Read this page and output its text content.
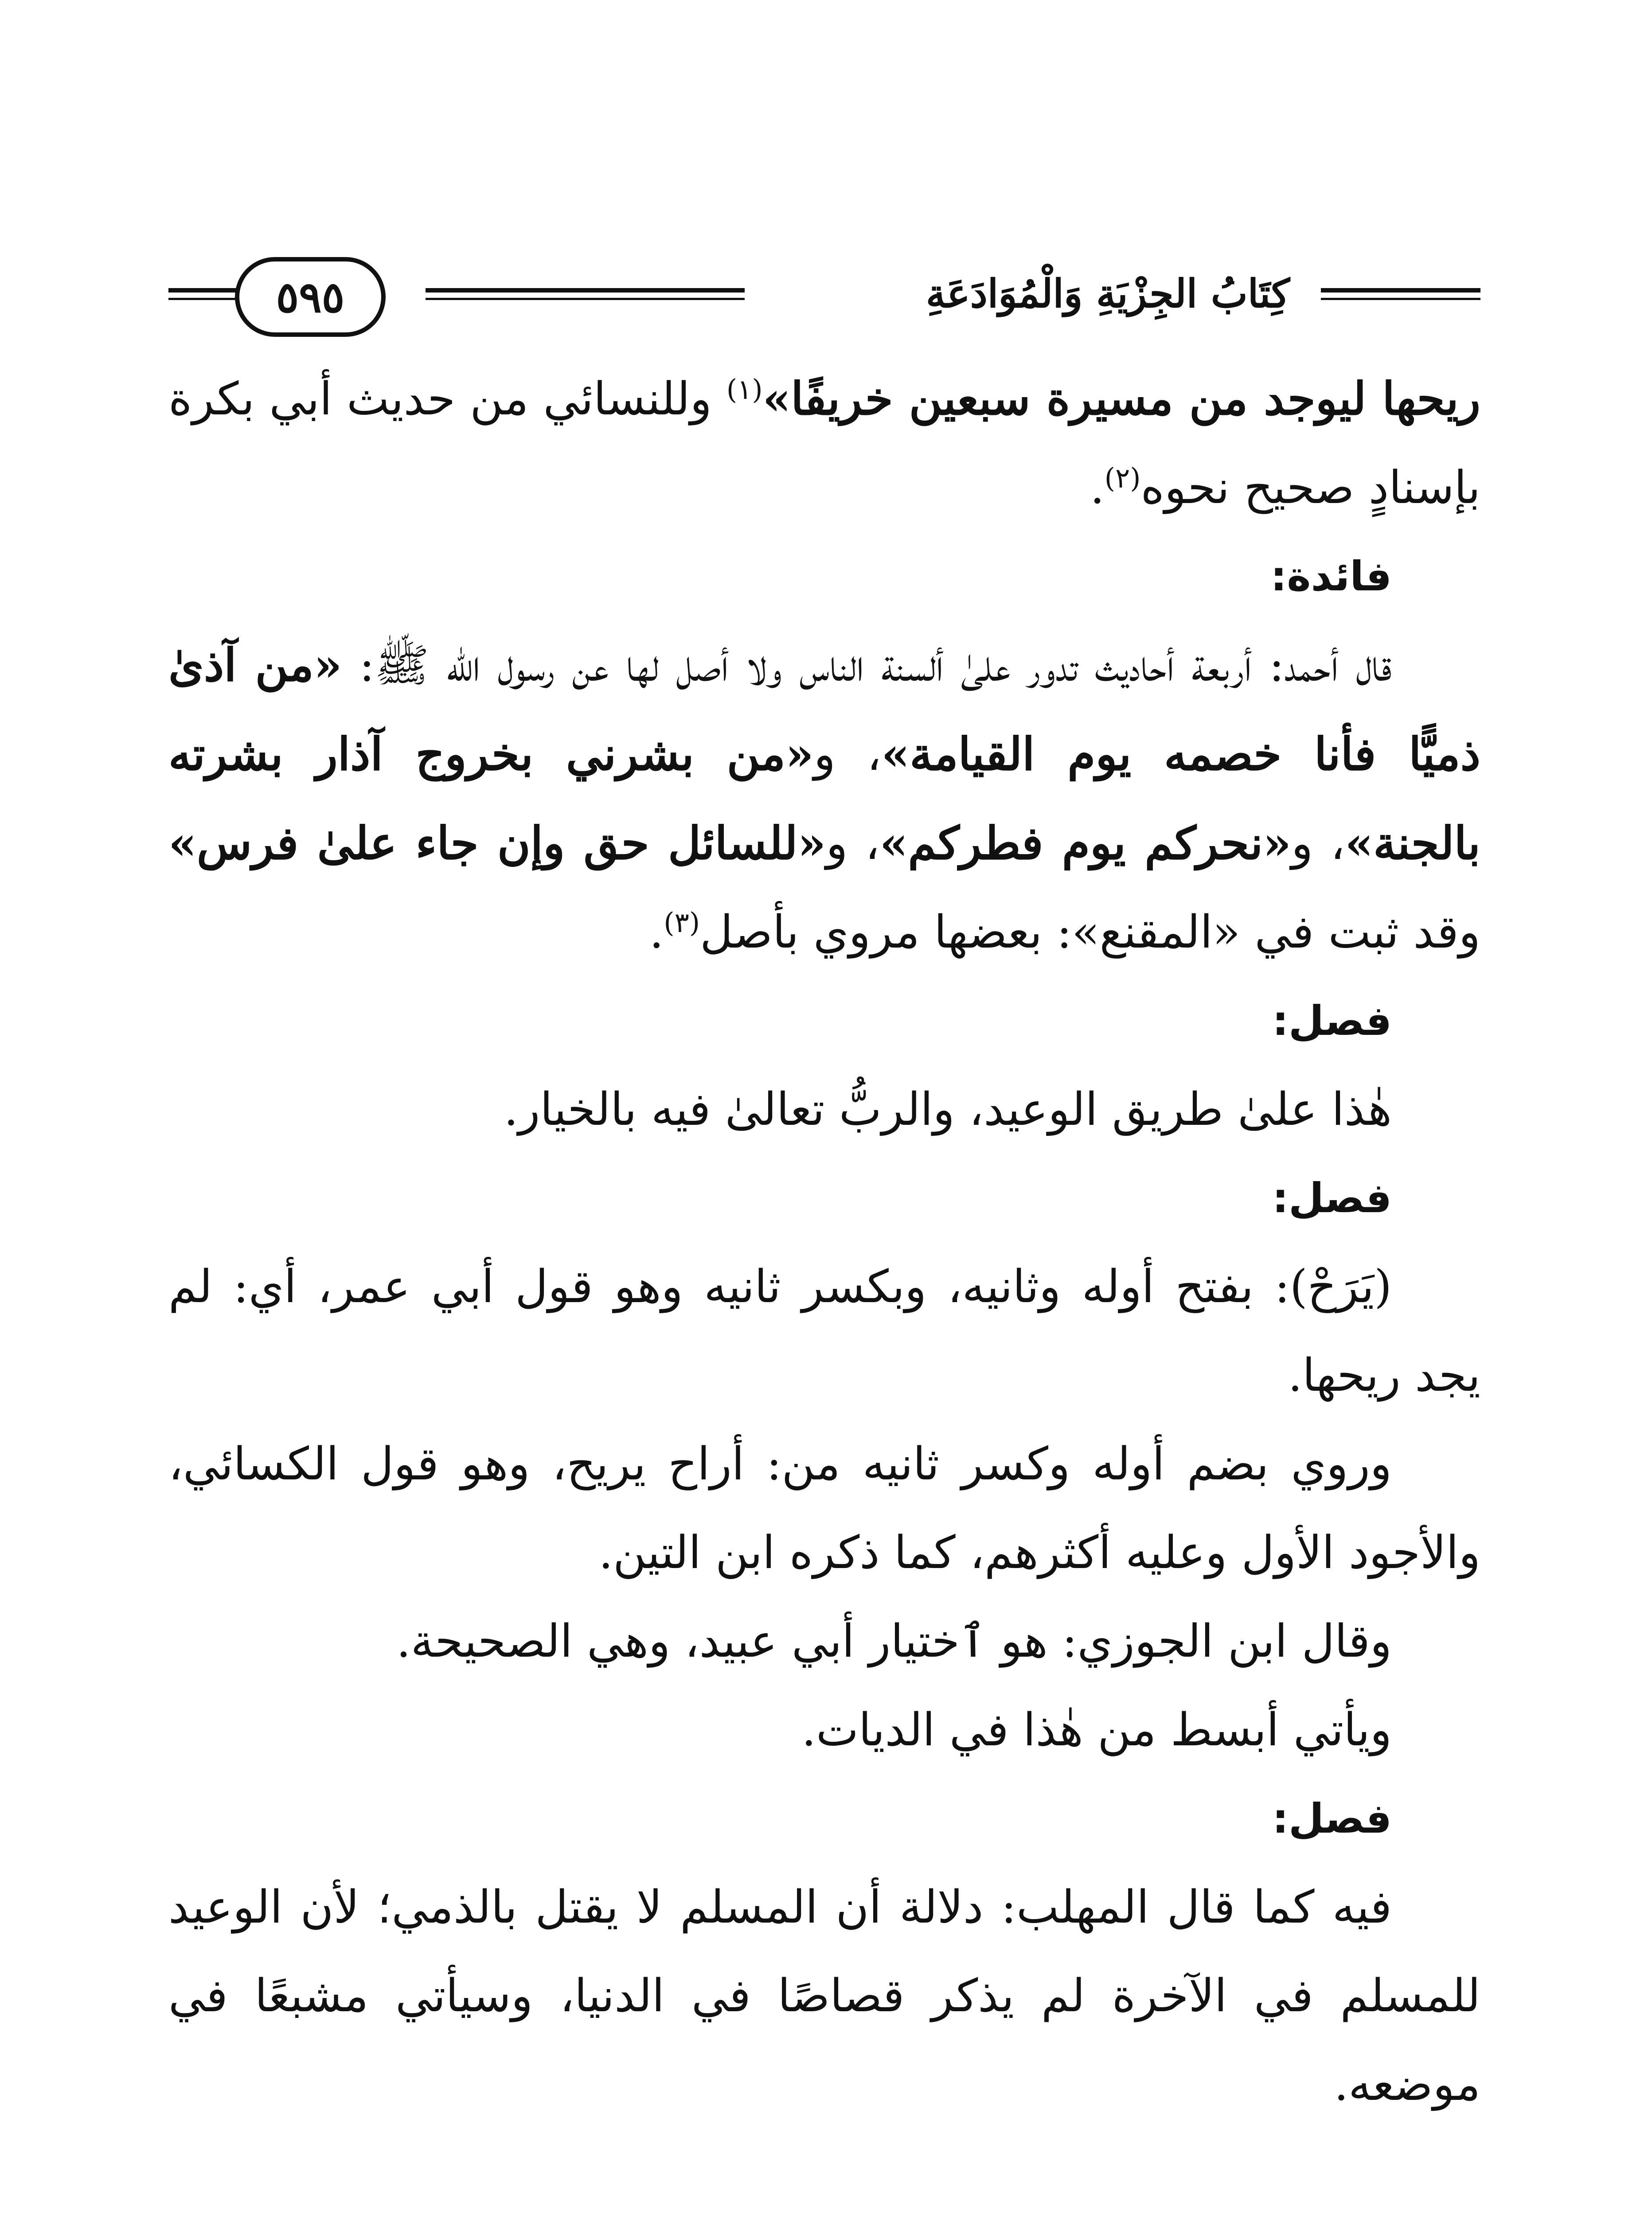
كِتَابُ الجِزْيَةِ وَالْمُوَادَعَةِ
٥٩٥

ريحها ليوجد من مسيرة سبعين خريفًا»$^{(١)}$ وللنسائي من حديث أبي بكرة بإسنادٍ صحيح نحوه$^{(٢)}$.

فائدة:

قال أحمد: أربعة أحاديث تدور علىٰ ألسنة الناس ولا أصل لها عن رسول الله ﷺ: «من آذىٰ ذميًّا فأنا خصمه يوم القيامة»، و«من بشرني بخروج آذار بشرته بالجنة»، و«نحركم يوم فطركم»، و«للسائل حق وإن جاء علىٰ فرس» وقد ثبت في «المقنع»: بعضها مروي بأصل$^{(٣)}$.

فصل:

هٰذا علىٰ طريق الوعيد، والربُّ تعالىٰ فيه بالخيار.

فصل:

(يَرَحْ): بفتح أوله وثانيه، وبكسر ثانيه وهو قول أبي عمر، أي: لم يجد ريحها.

وروي بضم أوله وكسر ثانيه من: أراح يريح، وهو قول الكسائي، والأجود الأول وعليه أكثرهم، كما ذكره ابن التين.

وقال ابن الجوزي: هو ٱختيار أبي عبيد، وهي الصحيحة.

ويأتي أبسط من هٰذا في الديات.

فصل:

فيه كما قال المهلب: دلالة أن المسلم لا يقتل بالذمي؛ لأن الوعيد للمسلم في الآخرة لم يذكر قصاصًا في الدنيا، وسيأتي مشبعًا في موضعه.
